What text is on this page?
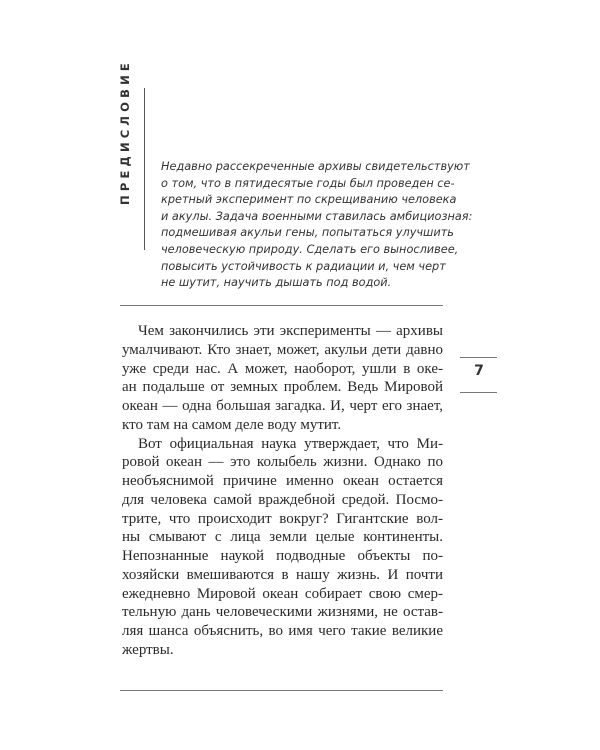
ПРЕДИСЛОВИЕ	Недавно рассекреченные архивы свидетельствуют
о том, что в пятидесятые годы был проведен се-
кретный эксперимент по скрещиванию человека
и акулы. Задача военными ставилась амбициозная:
подмешивая акульи гены, попытаться улучшить
человеческую природу. Сделать его выносливее,
повысить устойчивость к радиации и, чем черт
не шутит, научить дышать под водой.
Чем закончились эти эксперименты — архивы
умалчивают. Кто знает, может, акульи дети давно
уже среди нас. А может, наоборот, ушли в оке-
ан подальше от земных проблем. Ведь Мировой
океан — одна большая загадка. И, черт его знает,
кто там на самом деле воду мутит.
Вот официальная наука утверждает, что Ми-
ровой океан — это колыбель жизни. Однако по
необъяснимой причине именно океан остается
для человека самой враждебной средой. Посмо-
трите, что происходит вокруг? Гигантские вол-
ны смывают с лица земли целые континенты.
Непознанные наукой подводные объекты по-
хозяйски вмешиваются в нашу жизнь. И почти
ежедневно Мировой океан собирает свою смер-
тельную дань человеческими жизнями, не остав-
ляя шанса объяснить, во имя чего такие великие
жертвы.
7
